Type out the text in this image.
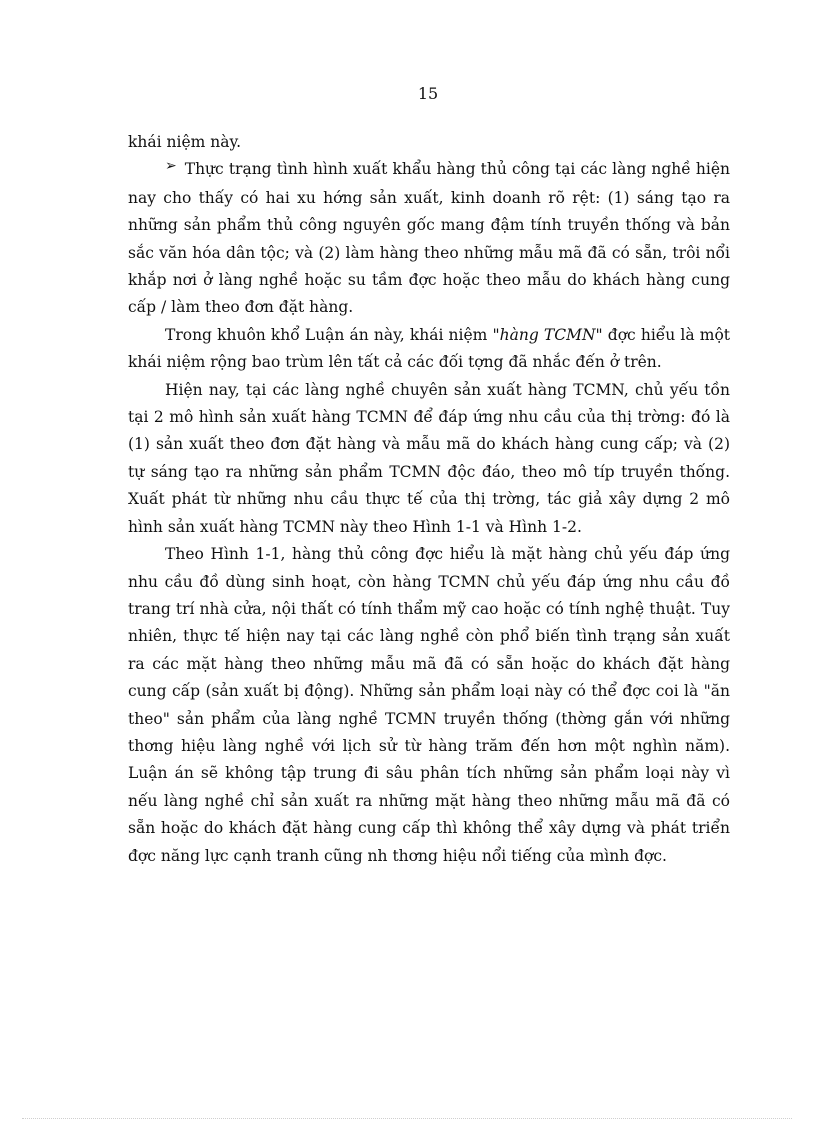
15

khái niệm này.

➢ Thực trạng tình hình xuất khẩu hàng thủ công tại các làng nghề hiện nay cho thấy có hai xu hớng sản xuất, kinh doanh rõ rệt: (1) sáng tạo ra những sản phẩm thủ công nguyên gốc mang đậm tính truyền thống và bản sắc văn hóa dân tộc; và (2) làm hàng theo những mẫu mã đã có sẵn, trôi nổi khắp nơi ở làng nghề hoặc su tầm đợc hoặc theo mẫu do khách hàng cung cấp / làm theo đơn đặt hàng.

Trong khuôn khổ Luận án này, khái niệm "hàng TCMN" đợc hiểu là một khái niệm rộng bao trùm lên tất cả các đối tợng đã nhắc đến ở trên.

Hiện nay, tại các làng nghề chuyên sản xuất hàng TCMN, chủ yếu tồn tại 2 mô hình sản xuất hàng TCMN để đáp ứng nhu cầu của thị trờng: đó là (1) sản xuất theo đơn đặt hàng và mẫu mã do khách hàng cung cấp; và (2) tự sáng tạo ra những sản phẩm TCMN độc đáo, theo mô típ truyền thống. Xuất phát từ những nhu cầu thực tế của thị trờng, tác giả xây dựng 2 mô hình sản xuất hàng TCMN này theo Hình 1-1 và Hình 1-2.

Theo Hình 1-1, hàng thủ công đợc hiểu là mặt hàng chủ yếu đáp ứng nhu cầu đồ dùng sinh hoạt, còn hàng TCMN chủ yếu đáp ứng nhu cầu đồ trang trí nhà cửa, nội thất có tính thẩm mỹ cao hoặc có tính nghệ thuật. Tuy nhiên, thực tế hiện nay tại các làng nghề còn phổ biến tình trạng sản xuất ra các mặt hàng theo những mẫu mã đã có sẵn hoặc do khách đặt hàng cung cấp (sản xuất bị động). Những sản phẩm loại này có thể đợc coi là "ăn theo" sản phẩm của làng nghề TCMN truyền thống (thờng gắn với những thơng hiệu làng nghề với lịch sử từ hàng trăm đến hơn một nghìn năm). Luận án sẽ không tập trung đi sâu phân tích những sản phẩm loại này vì nếu làng nghề chỉ sản xuất ra những mặt hàng theo những mẫu mã đã có sẵn hoặc do khách đặt hàng cung cấp thì không thể xây dựng và phát triển đợc năng lực cạnh tranh cũng nh thơng hiệu nổi tiếng của mình đợc.
